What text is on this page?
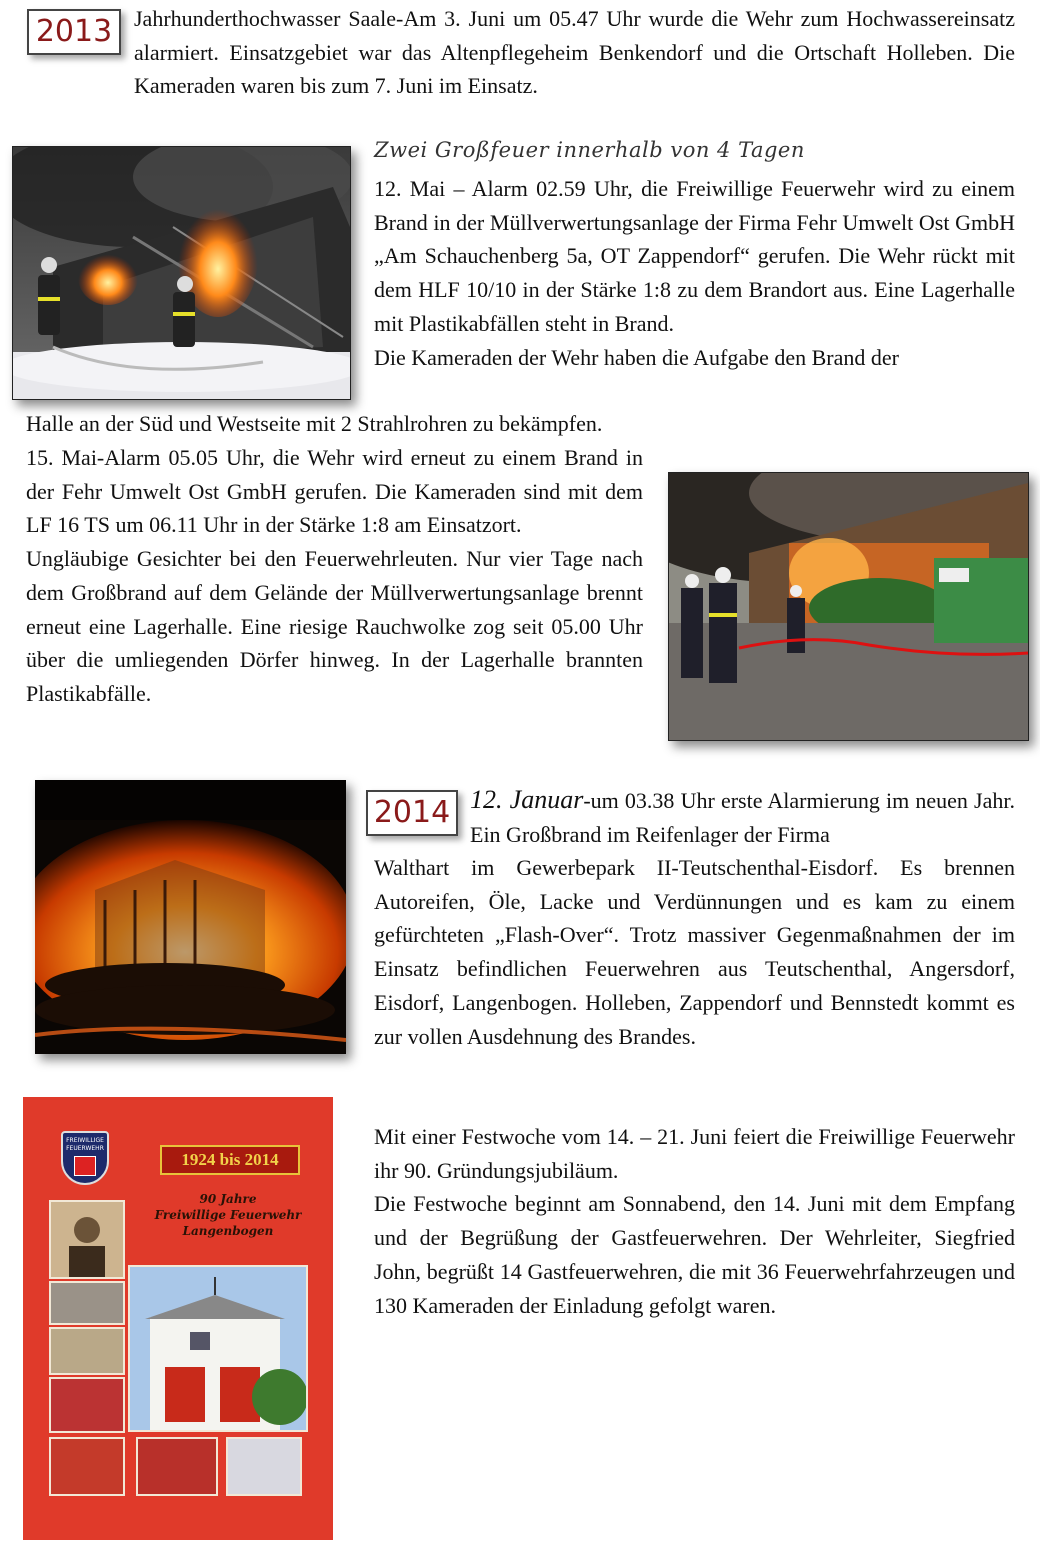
2013 Jahrhunderthochwasser Saale-Am 3. Juni um 05.47 Uhr wurde die Wehr zum Hochwassereinsatz alarmiert. Einsatzgebiet war das Altenpflegeheim Benkendorf und die Ortschaft Holleben. Die Kameraden waren bis zum 7. Juni im Einsatz.

Zwei Großfeuer innerhalb von 4 Tagen

12. Mai – Alarm 02.59 Uhr, die Freiwillige Feuerwehr wird zu einem Brand in der Müllverwertungsanlage der Firma Fehr Umwelt Ost GmbH „Am Schauchenberg 5a, OT Zappendorf“ gerufen. Die Wehr rückt mit dem HLF 10/10 in der Stärke 1:8 zu dem Brandort aus. Eine Lagerhalle mit Plastikabfällen steht in Brand.

Die Kameraden der Wehr haben die Aufgabe den Brand der

Halle an der Süd und Westseite mit 2 Strahlrohren zu bekämpfen.

15. Mai-Alarm 05.05 Uhr, die Wehr wird erneut zu einem Brand in der Fehr Umwelt Ost GmbH gerufen. Die Kameraden sind mit dem LF 16 TS um 06.11 Uhr in der Stärke 1:8 am Einsatzort.

Ungläubige Gesichter bei den Feuerwehrleuten. Nur vier Tage nach dem Großbrand auf dem Gelände der Müllverwertungsanlage brennt erneut eine Lagerhalle. Eine riesige Rauchwolke zog seit 05.00 Uhr über die umliegenden Dörfer hinweg. In der Lagerhalle brannten Plastikabfälle.

2014 12. Januar-um 03.38 Uhr erste Alarmierung im neuen Jahr. Ein Großbrand im Reifenlager der Firma

Walthart im Gewerbepark II-Teutschenthal-Eisdorf. Es brennen Autoreifen, Öle, Lacke und Verdünnungen und es kam zu einem gefürchteten „Flash-Over“. Trotz massiver Gegenmaßnahmen der im Einsatz befindlichen Feuerwehren aus Teutschenthal, Angersdorf, Eisdorf, Langenbogen. Holleben, Zappendorf und Bennstedt kommt es zur vollen Ausdehnung des Brandes.

Mit einer Festwoche vom 14. – 21. Juni feiert die Freiwillige Feuerwehr ihr 90. Gründungsjubiläum.

Die Festwoche beginnt am Sonnabend, den 14. Juni mit dem Empfang und der Begrüßung der Gastfeuerwehren. Der Wehrleiter, Siegfried John, begrüßt 14 Gastfeuerwehren, die mit 36 Feuerwehrfahrzeugen und 130 Kameraden der Einladung gefolgt waren.

FREIWILLIGE
FEUERWEHR
1924 bis 2014
90 Jahre
Freiwillige Feuerwehr
Langenbogen
